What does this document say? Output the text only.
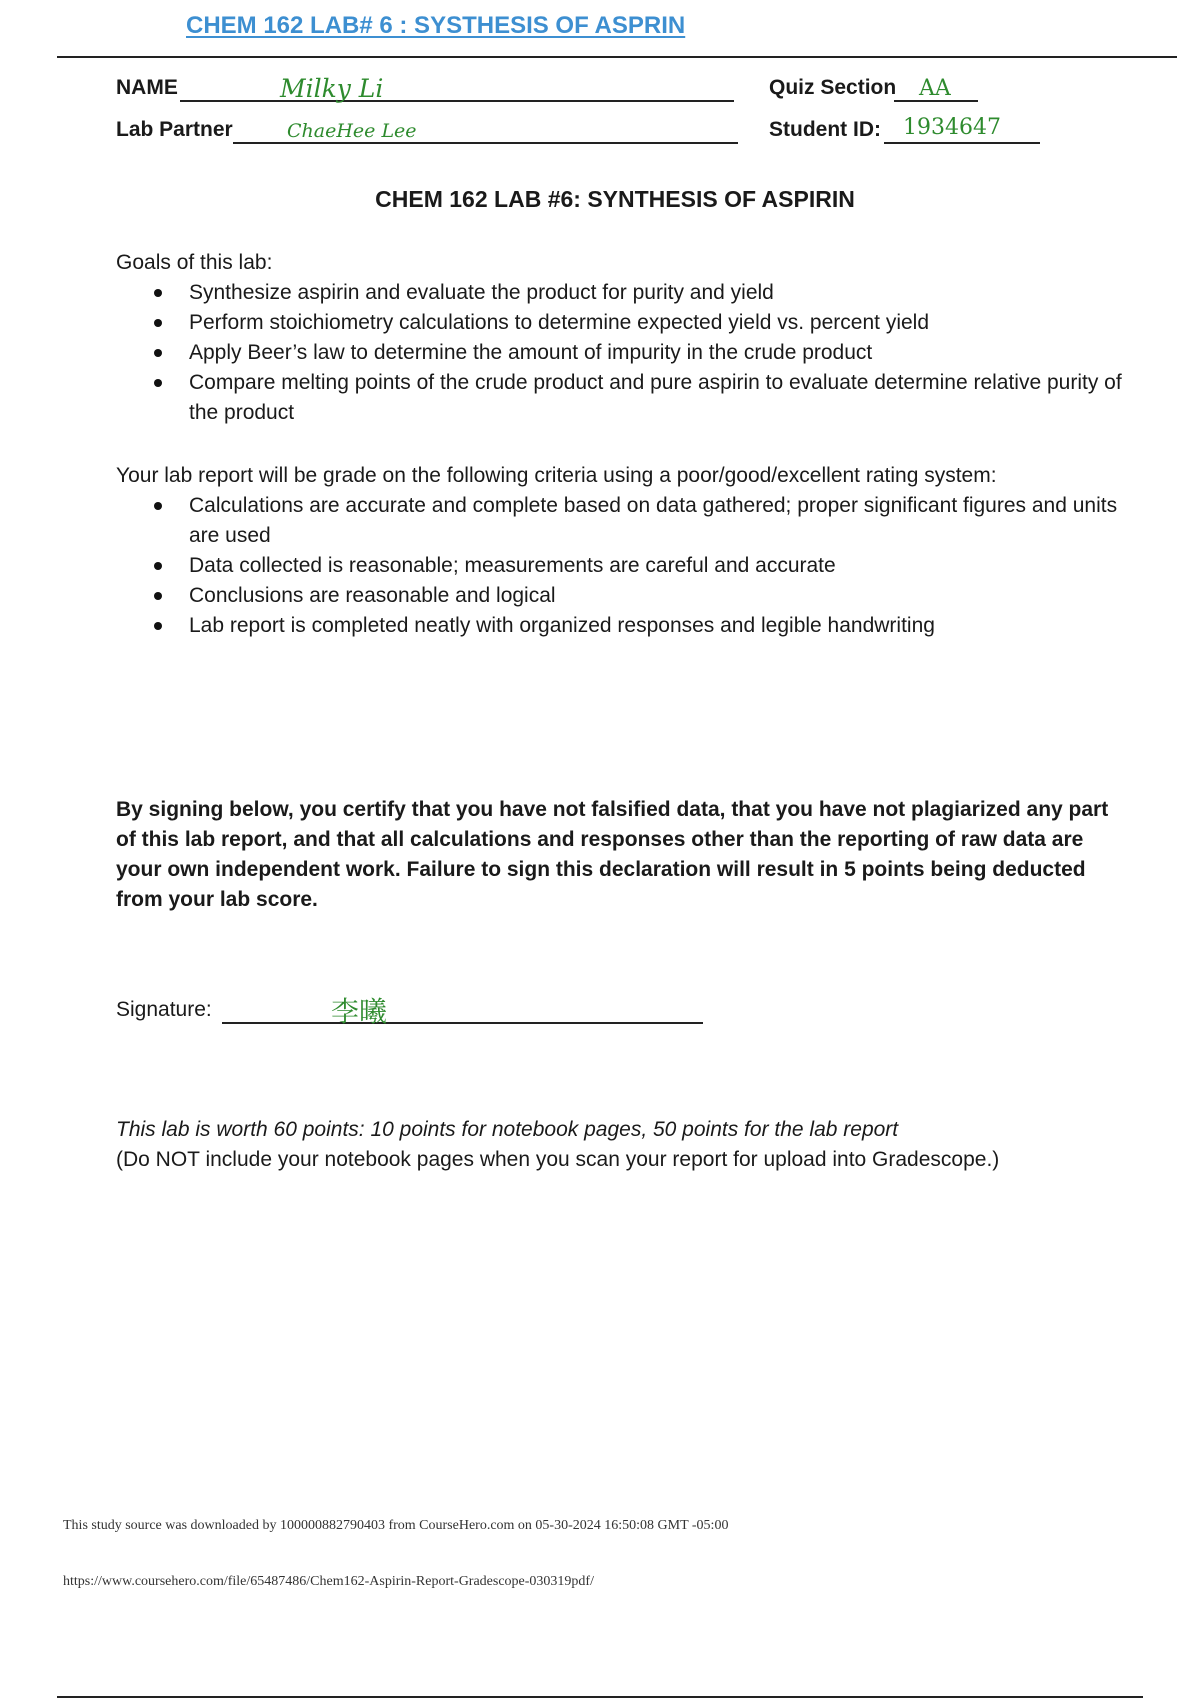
CHEM 162 LAB# 6 : SYSTHESIS OF ASPRIN
NAME	Milky Li	Quiz Section AA
Lab Partner	ChaeHee Lee	Student ID: 1934647
CHEM 162 LAB #6: SYNTHESIS OF ASPIRIN
Goals of this lab:
Synthesize aspirin and evaluate the product for purity and yield
Perform stoichiometry calculations to determine expected yield vs. percent yield
Apply Beer’s law to determine the amount of impurity in the crude product
Compare melting points of the crude product and pure aspirin to evaluate determine relative purity of the product
Your lab report will be grade on the following criteria using a poor/good/excellent rating system:
Calculations are accurate and complete based on data gathered; proper significant figures and units are used
Data collected is reasonable; measurements are careful and accurate
Conclusions are reasonable and logical
Lab report is completed neatly with organized responses and legible handwriting
By signing below, you certify that you have not falsified data, that you have not plagiarized any part of this lab report, and that all calculations and responses other than the reporting of raw data are your own independent work. Failure to sign this declaration will result in 5 points being deducted from your lab score.
Signature:	李曦
This lab is worth 60 points: 10 points for notebook pages, 50 points for the lab report
(Do NOT include your notebook pages when you scan your report for upload into Gradescope.)
This study source was downloaded by 100000882790403 from CourseHero.com on 05-30-2024 16:50:08 GMT -05:00
https://www.coursehero.com/file/65487486/Chem162-Aspirin-Report-Gradescope-030319pdf/
